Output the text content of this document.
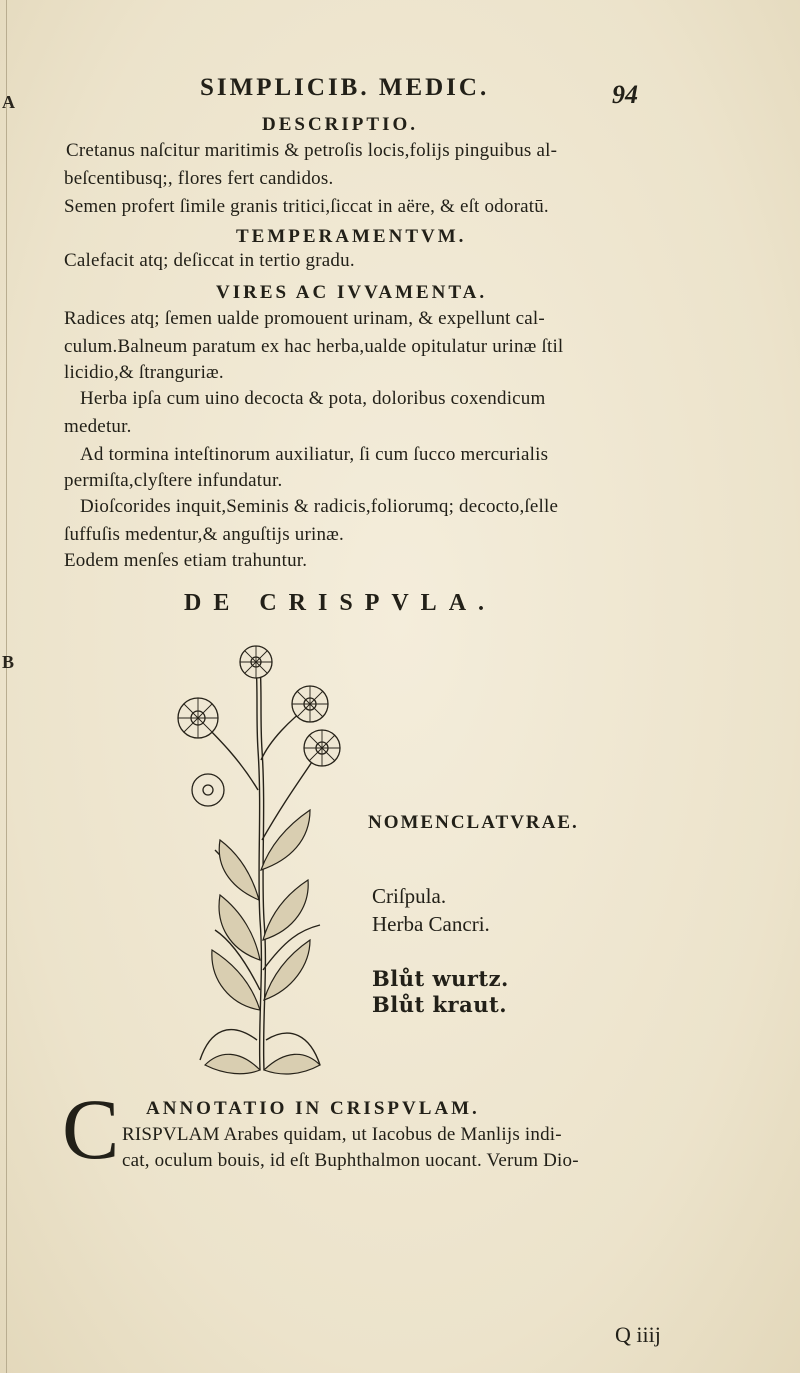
A
B
SIMPLICIB. MEDIC.	94
DESCRIPTIO.
Cretanus naſcitur maritimis & petroſis locis,folijs pinguibus al-
beſcentibusq;, flores fert candidos.
Semen profert ſimile granis tritici,ſiccat in aëre, & eſt odoratū.
TEMPERAMENTVM.
Calefacit atq; deſiccat in tertio gradu.
VIRES AC IVVAMENTA.
Radices atq; ſemen ualde promouent urinam, & expellunt cal-
culum.Balneum paratum ex hac herba,ualde opitulatur urinæ ſtil
licidio,& ſtranguriæ.
Herba ipſa cum uino decocta & pota, doloribus coxendicum
medetur.
Ad tormina inteſtinorum auxiliatur, ſi cum ſucco mercurialis
permiſta,clyſtere infundatur.
Dioſcorides inquit,Seminis & radicis,foliorumq; decocto,ſelle
ſuffuſis medentur,& anguſtijs urinæ.
Eodem menſes etiam trahuntur.
DE CRISPVLA.
NOMENCLATVRAE.
Criſpula.
Herba Cancri.
Blůt wurtz.
Blůt kraut.
ANNOTATIO IN CRISPVLAM.
C RISPVLAM Arabes quidam, ut Iacobus de Manlijs indi-
cat, oculum bouis, id eſt Buphthalmon uocant. Verum Dio-
Q iiij
